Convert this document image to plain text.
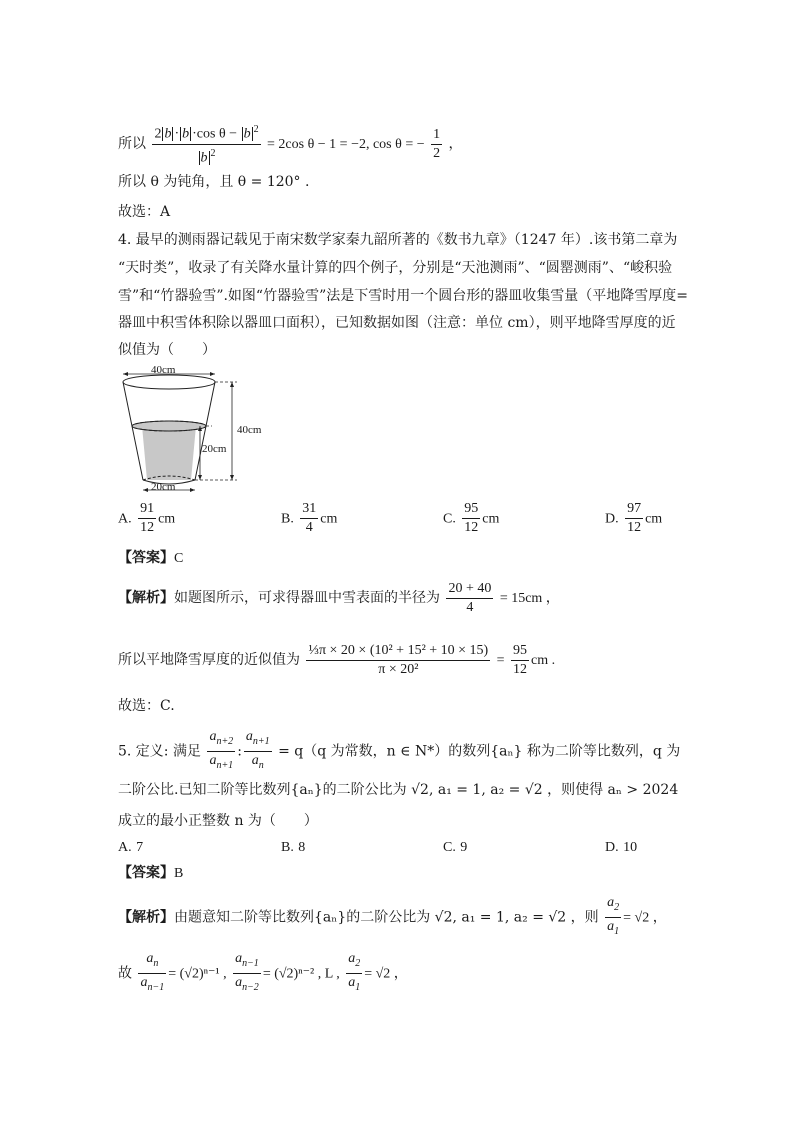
所以 $\frac{2 b \cdot b \cdot\cos \theta - b ^2}{b ^2} = 2\cos$ θ − 1 = −2, cos θ = − $\frac{1}{2}$ ，
所以 θ 为钝角，且 θ = 120° .
故选：A
4. 最早的测雨器记载见于南宋数学家秦九韶所著的《数书九章》（1247 年）.该书第二章为
“天时类”，收录了有关降水量计算的四个例子，分别是“天池测雨”、“圆罂测雨”、“峻积验
雪”和“竹器验雪”.如图“竹器验雪”法是下雪时用一个圆台形的器皿收集雪量（平地降雪厚度=
器皿中积雪体积除以器皿口面积），已知数据如图（注意：单位 cm），则平地降雪厚度的近
似值为（　　）
40cm
40cm
20cm
20cm
A. $\frac{91}{12}$ cm	B. $\frac{31}{4}$ cm	C. $\frac{95}{12}$ cm	D. $\frac{97}{12}$ cm
【答案】C
【解析】如题图所示，可求得器皿中雪表面的半径为 $\frac{20 + 40}{4} = 15cm$ ，
所以平地降雪厚度的近似值为 $\frac{\text{⅓π × 20 × (10² + 15² + 10 × 15)}}{\text{π × 20²}} = \frac{95}{12}$ cm .
故选：C.
5. 定义: 满足 $\frac{a_{n+2}}{a_{n+1}}$ : $\frac{a_{n+1}}{a_n} = q(q$ 为常数，n ∈ N*）的数列{aₙ} 称为二阶等比数列，q 为
二阶公比.已知二阶等比数列{aₙ}的二阶公比为 √2, a₁ = 1, a₂ = √2 ，则使得 aₙ > 2024
成立的最小正整数 n 为（　　）
A. 7	B. 8	C. 9	D. 10
【答案】B
【解析】由题意知二阶等比数列{aₙ}的二阶公比为 √2, a₁ = 1, a₂ = √2 ，则 $\frac{a_2}{a_1} = √2$ ，
故 $\frac{a_n}{a_{n-1}} = (√2)^{n-1}$ , $\frac{a_{n-1}}{a_{n-2}} = (√2)^{n-2}$ , L , $\frac{a_2}{a_1} = √2$ ，
